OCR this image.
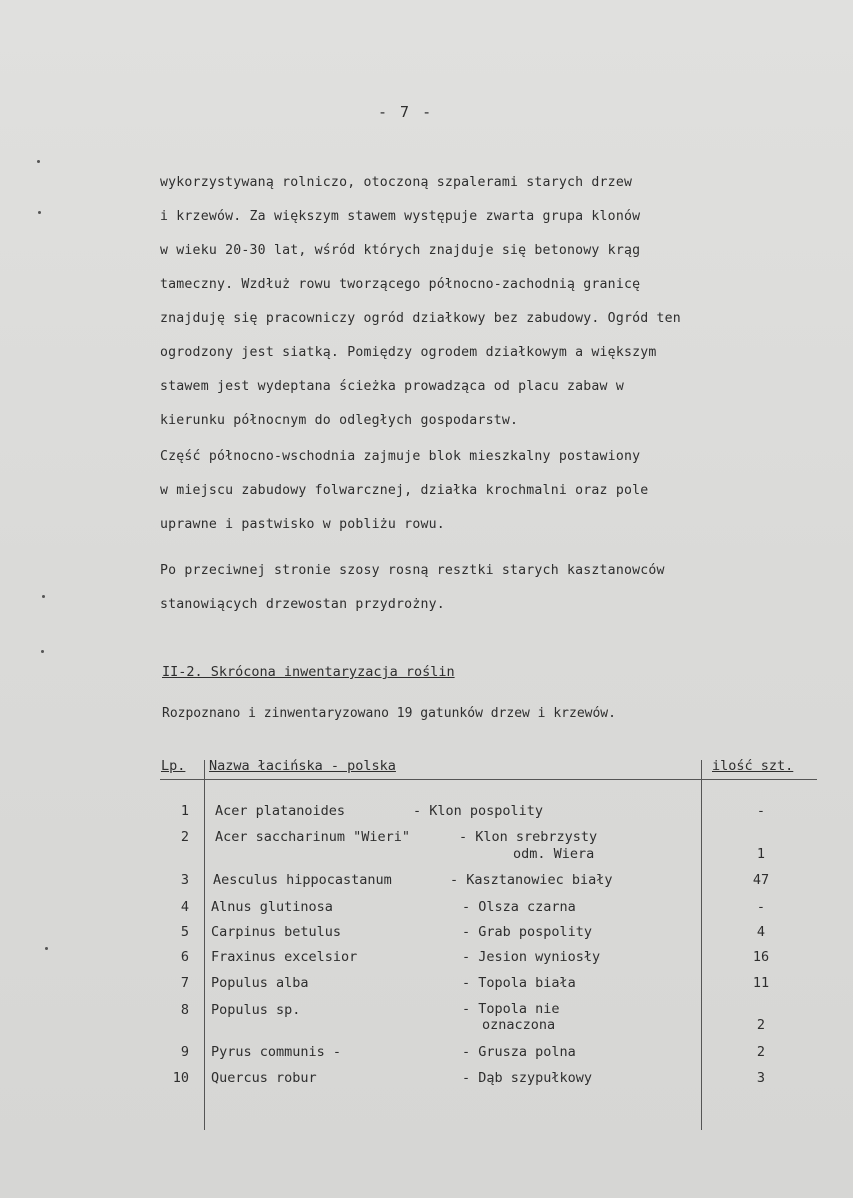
- 7 -

wykorzystywaną rolniczo, otoczoną szpalerami starych drzew
i krzewów. Za większym stawem występuje zwarta grupa klonów
w wieku 20-30 lat, wśród których znajduje się betonowy krąg
tameczny. Wzdłuż rowu tworzącego północno-zachodnią granicę
znajduję się pracowniczy ogród działkowy bez zabudowy. Ogród ten
ogrodzony jest siatką. Pomiędzy ogrodem działkowym a większym
stawem jest wydeptana ścieżka prowadząca od placu zabaw w
kierunku północnym do odległych gospodarstw.

Część północno-wschodnia zajmuje blok mieszkalny postawiony
w miejscu zabudowy folwarcznej, działka krochmalni oraz pole
uprawne i pastwisko w pobliżu rowu.

Po przeciwnej stronie szosy rosną resztki starych kasztanowców
stanowiących drzewostan przydrożny.

II-2. Skrócona inwentaryzacja roślin
Rozpoznano i zinwentaryzowano 19 gatunków drzew i krzewów.
Lp. Nazwa łacińska - polska	ilość szt.
1 Acer platanoides	- Klon pospolity	-
2 Acer saccharinum "Wieri"	- Klon srebrzysty
odm. Wiera	1
3 Aesculus hippocastanum	- Kasztanowiec biały	47
4 Alnus glutinosa	- Olsza czarna	-
5 Carpinus betulus	- Grab pospolity	4
6 Fraxinus excelsior	- Jesion wyniosły	16
7 Populus alba	- Topola biała	11
8 Populus sp.	- Topola nie
oznaczona	2
9 Pyrus communis -	- Grusza polna	2
10 Quercus robur	- Dąb szypułkowy	3
